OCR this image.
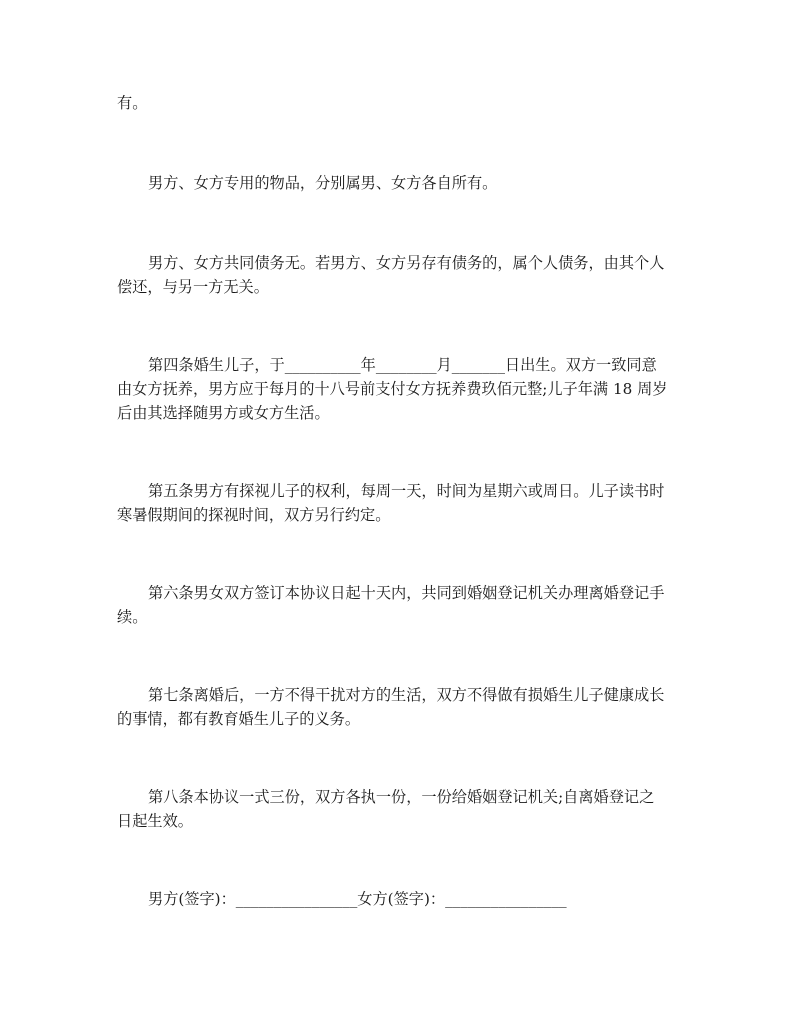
有。
男方、女方专用的物品，分别属男、女方各自所有。
男方、女方共同债务无。若男方、女方另存有债务的，属个人债务，由其个人
偿还，与另一方无关。
第四条婚生儿子，于__________年________月_______日出生。双方一致同意
由女方抚养，男方应于每月的十八号前支付女方抚养费玖佰元整;儿子年满 18 周岁
后由其选择随男方或女方生活。
第五条男方有探视儿子的权利，每周一天，时间为星期六或周日。儿子读书时
寒暑假期间的探视时间，双方另行约定。
第六条男女双方签订本协议日起十天内，共同到婚姻登记机关办理离婚登记手
续。
第七条离婚后，一方不得干扰对方的生活，双方不得做有损婚生儿子健康成长
的事情，都有教育婚生儿子的义务。
第八条本协议一式三份，双方各执一份，一份给婚姻登记机关;自离婚登记之
日起生效。
男方(签字)：________________女方(签字)：________________
